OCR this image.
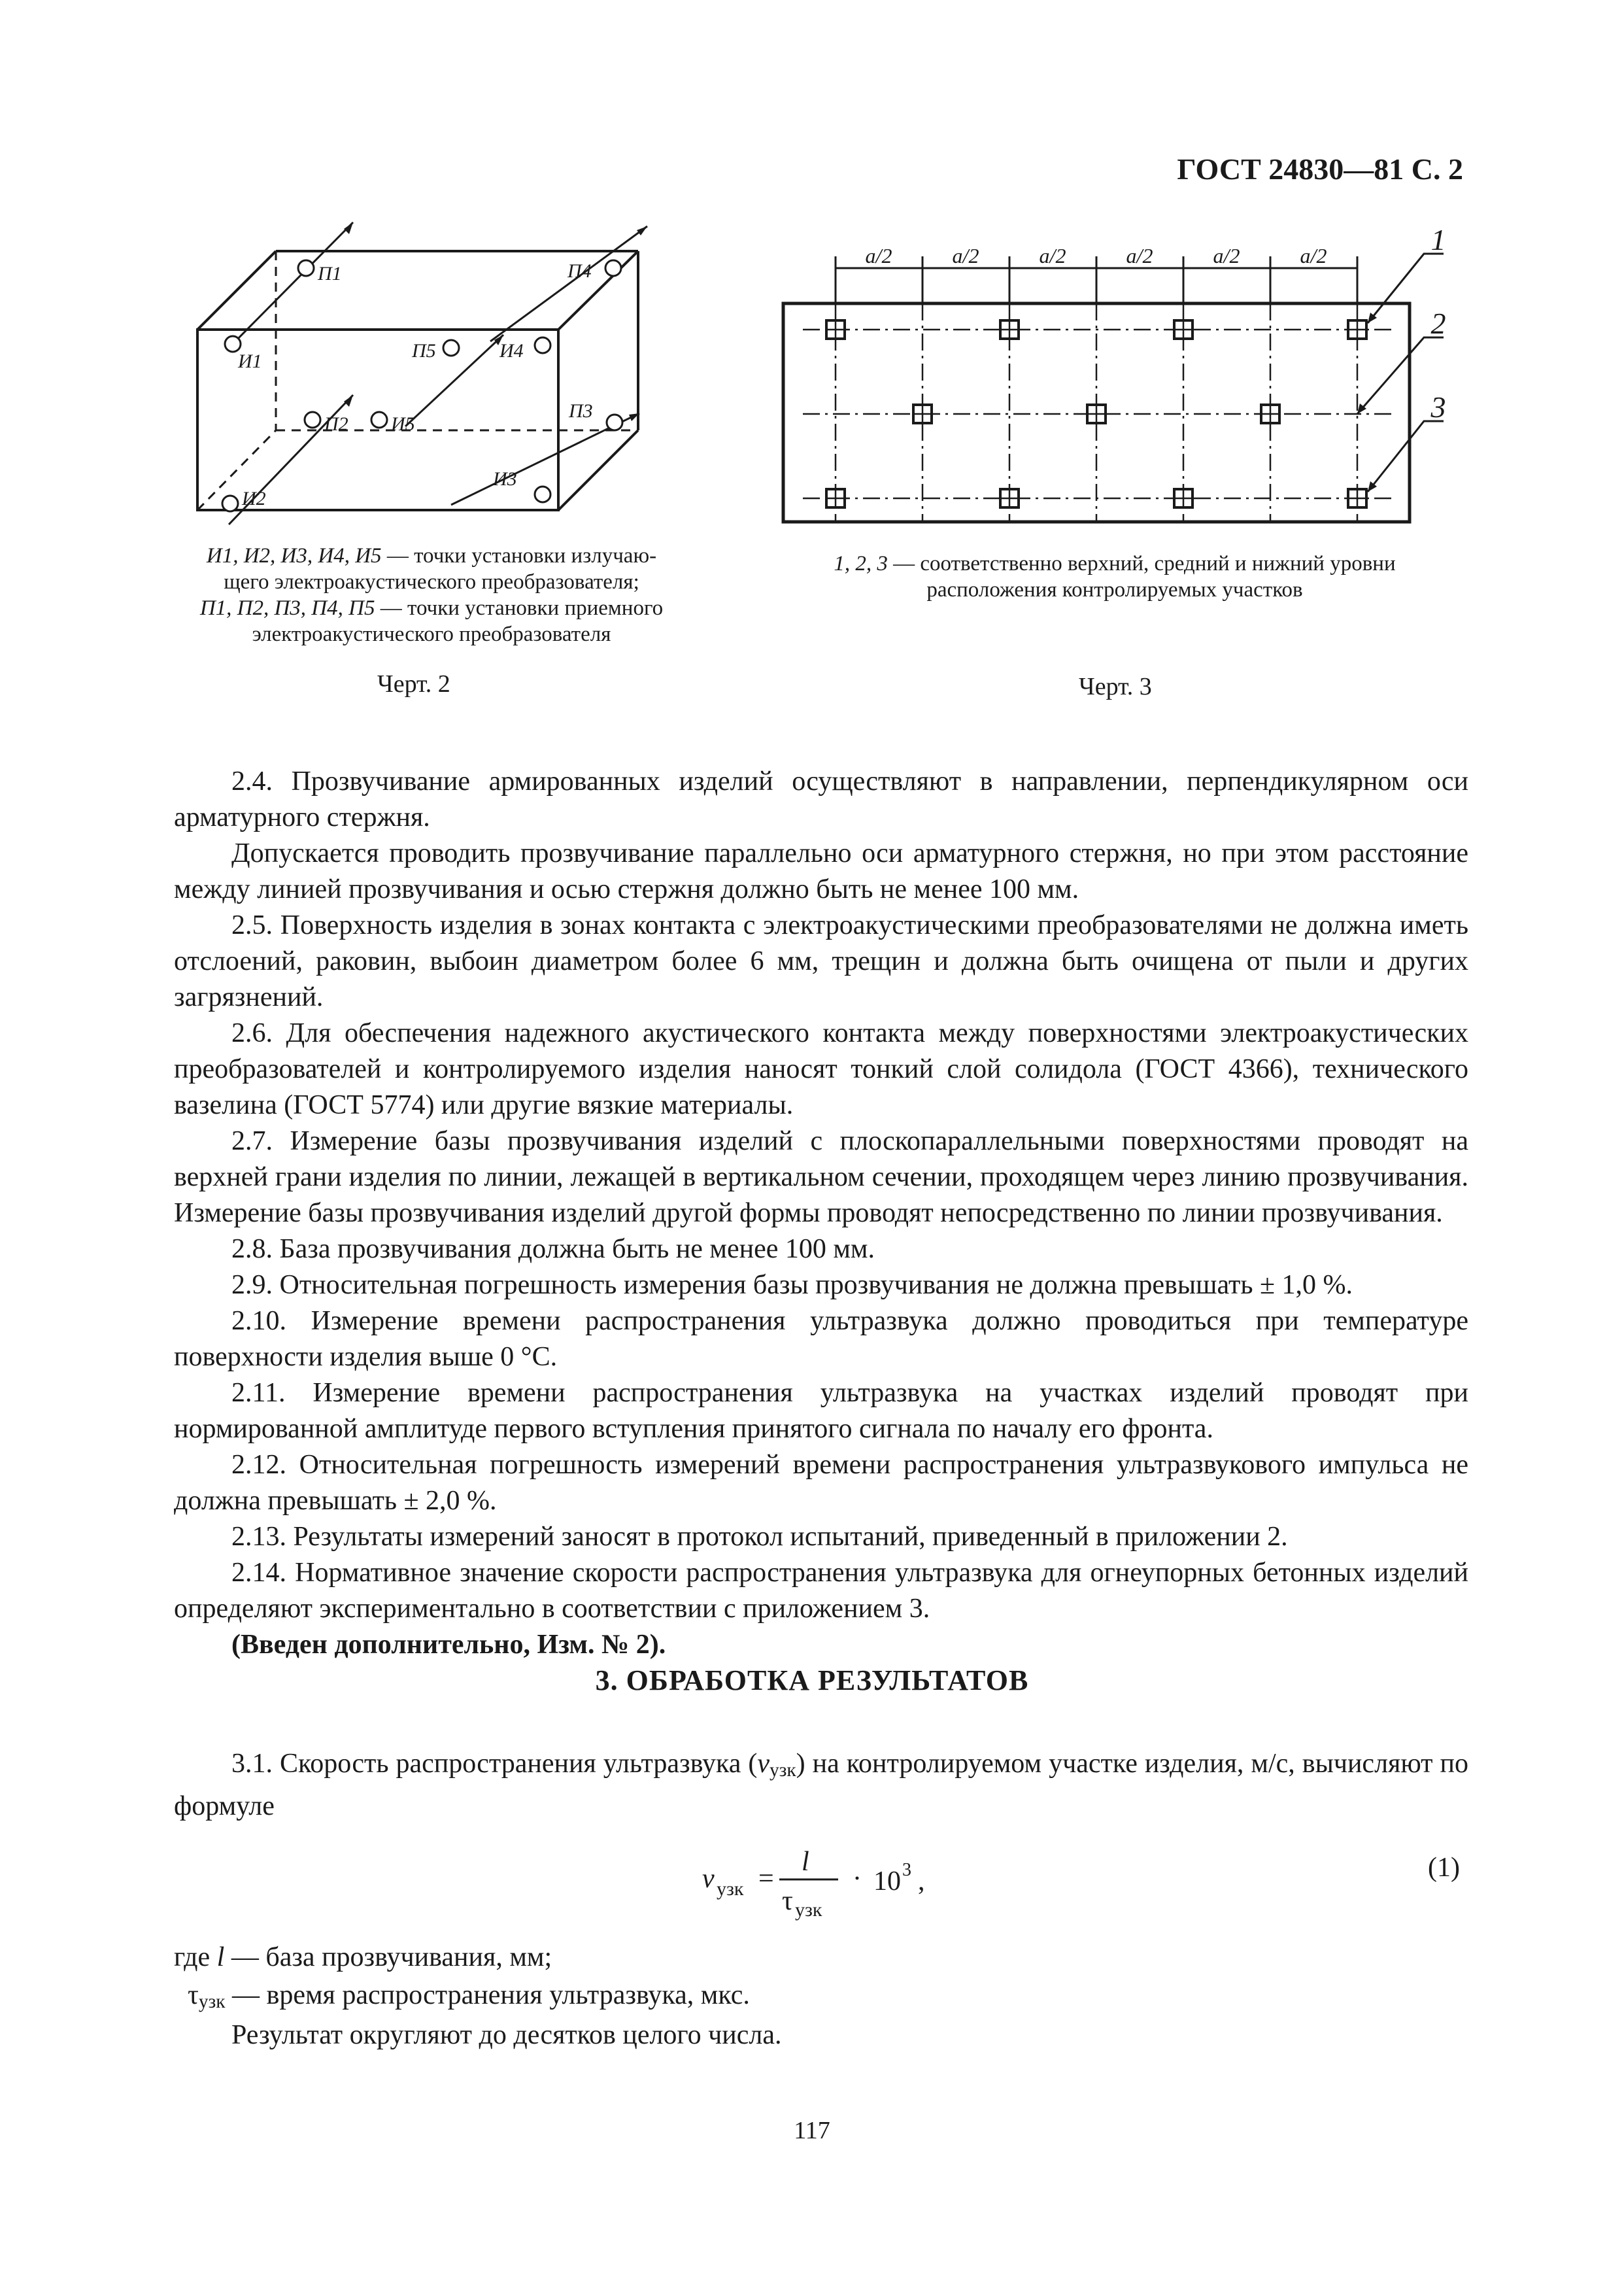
ГОСТ 24830—81 С. 2
П1	П4
П5	И4
И1
П2 И5
П3
И2
И3
a/2	a/2	a/2	a/2	a/2	a/2	1
2
3
И1, И2, И3, И4, И5 — точки установки излучаю-
щего электроакустического преобразователя;
П1, П2, П3, П4, П5 — точки установки приемного
электроакустического преобразователя
1, 2, 3 — соответственно верхний, средний и нижний уровни
расположения контролируемых участков
Черт. 2	Черт. 3

2.4. Прозвучивание армированных изделий осуществляют в направлении, перпендикулярном оси арматурного стержня.

Допускается проводить прозвучивание параллельно оси арматурного стержня, но при этом расстояние между линией прозвучивания и осью стержня должно быть не менее 100 мм.

2.5. Поверхность изделия в зонах контакта с электроакустическими преобразователями не должна иметь отслоений, раковин, выбоин диаметром более 6 мм, трещин и должна быть очищена от пыли и других загрязнений.

2.6. Для обеспечения надежного акустического контакта между поверхностями электроакустических преобразователей и контролируемого изделия наносят тонкий слой солидола (ГОСТ 4366), технического вазелина (ГОСТ 5774) или другие вязкие материалы.

2.7. Измерение базы прозвучивания изделий с плоскопараллельными поверхностями проводят на верхней грани изделия по линии, лежащей в вертикальном сечении, проходящем через линию прозвучивания. Измерение базы прозвучивания изделий другой формы проводят непосредственно по линии прозвучивания.

2.8. База прозвучивания должна быть не менее 100 мм.

2.9. Относительная погрешность измерения базы прозвучивания не должна превышать ± 1,0 %.

2.10. Измерение времени распространения ультразвука должно проводиться при температуре поверхности изделия выше 0 °С.

2.11. Измерение времени распространения ультразвука на участках изделий проводят при нормированной амплитуде первого вступления принятого сигнала по началу его фронта.

2.12. Относительная погрешность измерений времени распространения ультразвукового импульса не должна превышать ± 2,0 %.

2.13. Результаты измерений заносят в протокол испытаний, приведенный в приложении 2.

2.14. Нормативное значение скорости распространения ультразвука для огнеупорных бетонных изделий определяют экспериментально в соответствии с приложением 3.

(Введен дополнительно, Изм. № 2).

3. ОБРАБОТКА РЕЗУЛЬТАТОВ
3.1. Скорость распространения ультразвука $(v_{узк})$ на контролируемом участке изделия, м/с, вычисляют по формуле
v узк =
l
τ узк
· 10 3 ,	(1)
где l — база прозвучивания, мм;
$\tau_{узк}$ — время распространения ультразвука, мкс.
Результат округляют до десятков целого числа.
117
